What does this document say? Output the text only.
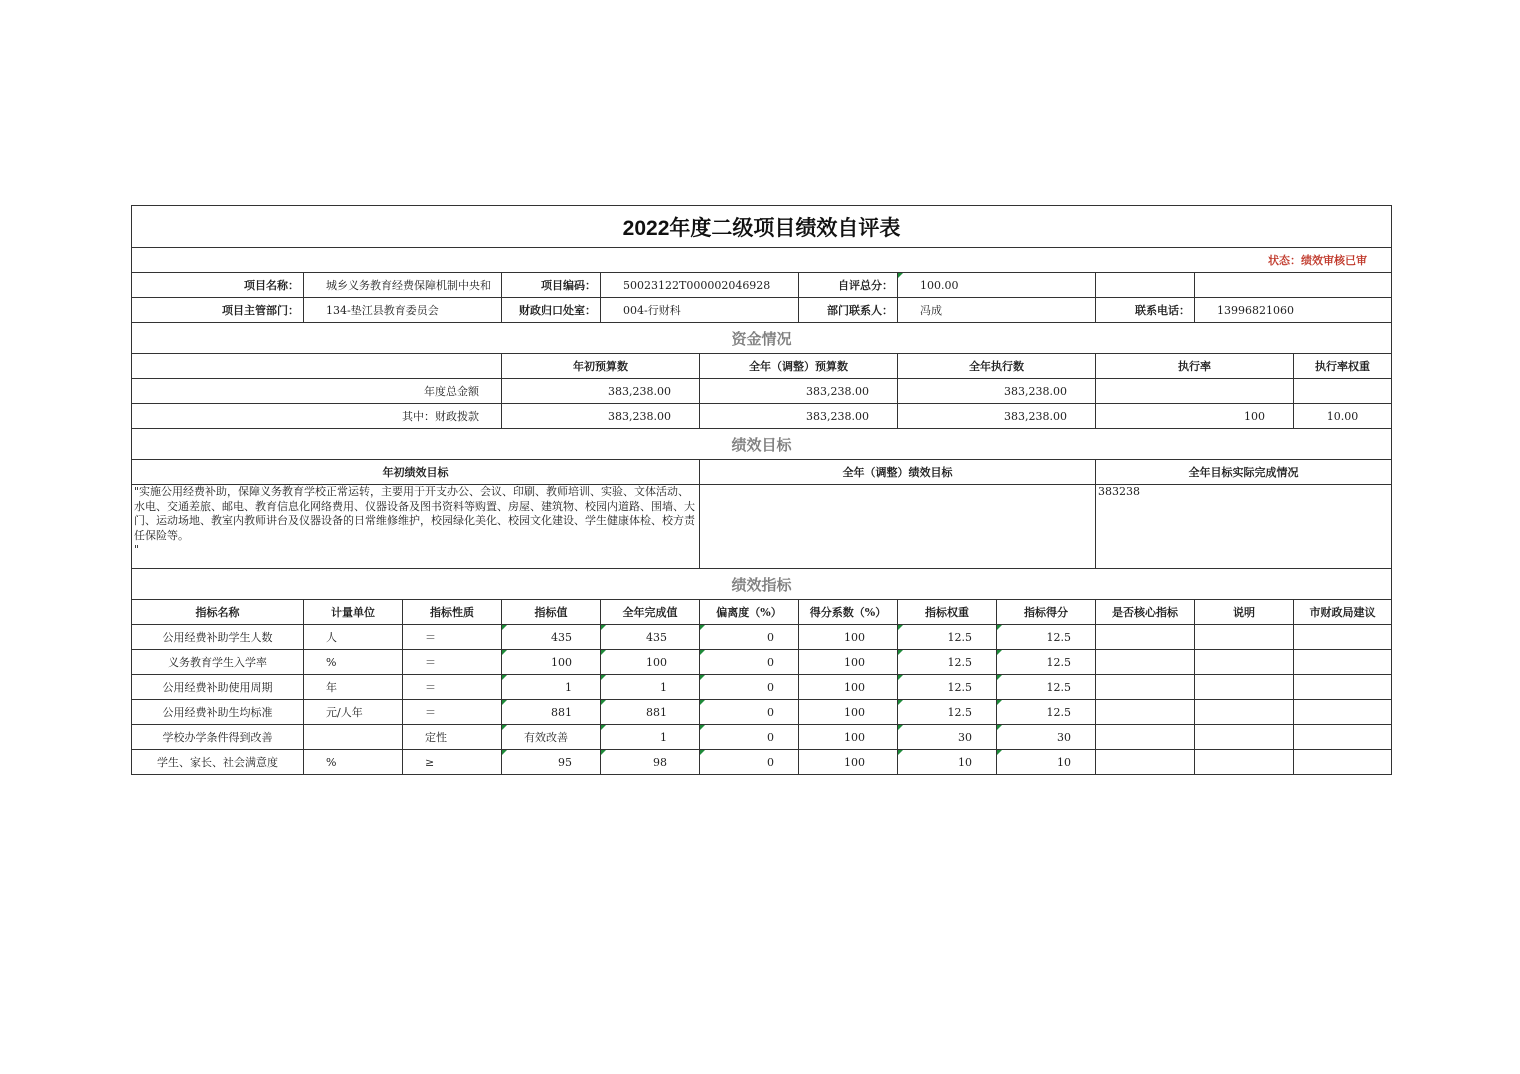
2022年度二级项目绩效自评表												
状态：绩效审核已审												
项目名称：	城乡义务教育经费保障机制中央和		项目编码：	50023122T000002046928		自评总分：	100.00					
项目主管部门：	134-垫江县教育委员会		财政归口处室：	004-行财科		部门联系人：	冯成		联系电话：	13996821060		
资金情况												
			年初预算数		全年（调整）预算数		全年执行数		执行率		执行率权重	
年度总金额			383,238.00		383,238.00		383,238.00					
其中：财政拨款			383,238.00		383,238.00		383,238.00		100		10.00	
绩效目标												
年初绩效目标					全年（调整）绩效目标				全年目标实际完成情况			
"实施公用经费补助，保障义务教育学校正常运转，主要用于开支办公、会议、印刷、教师培训、实验、文体活动、水电、交通差旅、邮电、教育信息化网络费用、仪器设备及图书资料等购置、房屋、建筑物、校园内道路、围墙、大门、运动场地、教室内教师讲台及仪器设备的日常维修维护，校园绿化美化、校园文化建设、学生健康体检、校方责任保险等。
"									383238			
绩效指标												
指标名称	计量单位	指标性质	指标值	全年完成值	偏离度（%）	得分系数（%）	指标权重	指标得分	是否核心指标	说明	市财政局建议	
公用经费补助学生人数	人	＝	435	435	0	100	12.5	12.5				
义务教育学生入学率	%	＝	100	100	0	100	12.5	12.5				
公用经费补助使用周期	年	＝	1	1	0	100	12.5	12.5				
公用经费补助生均标准	元/人年	＝	881	881	0	100	12.5	12.5				
学校办学条件得到改善		定性	有效改善	1	0	100	30	30				
学生、家长、社会满意度	%	≥	95	98	0	100	10	10				
